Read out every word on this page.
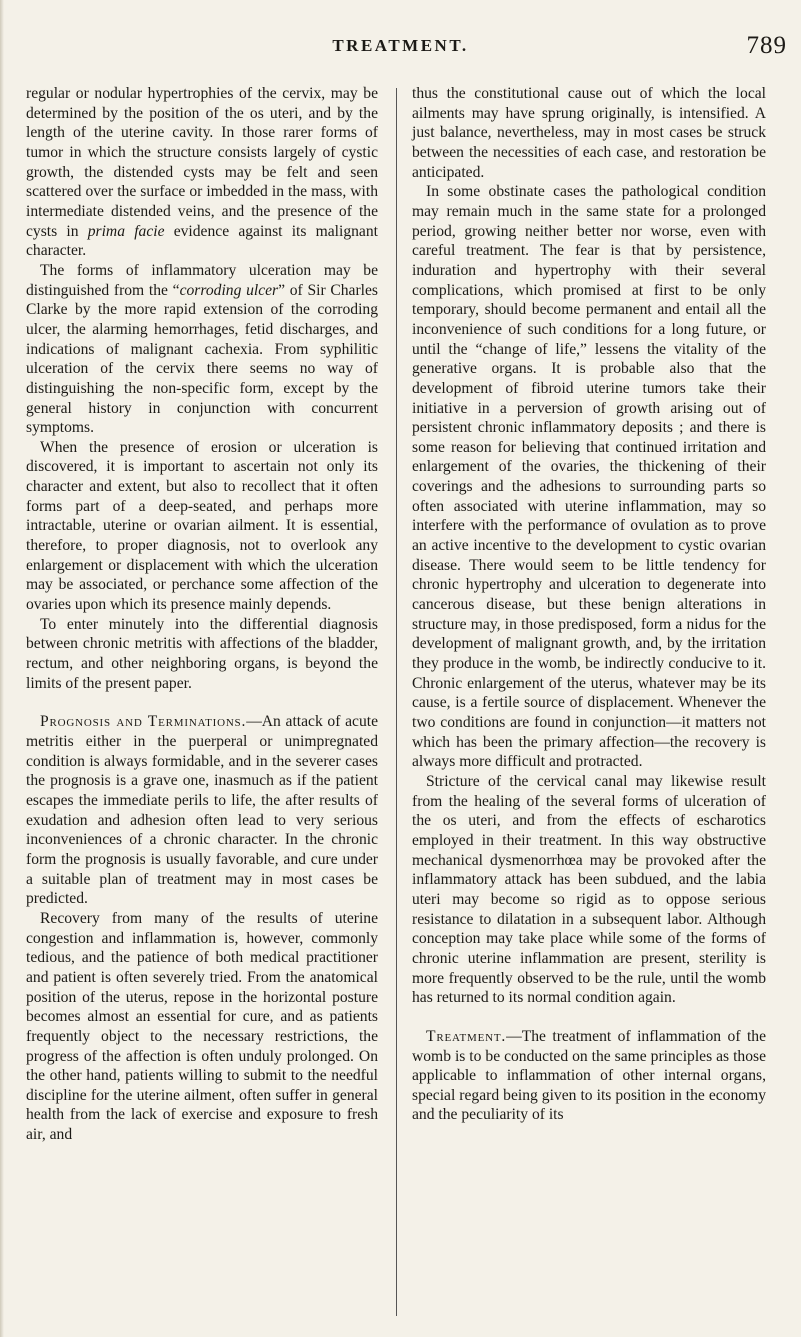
TREATMENT.	789

regular or nodular hypertrophies of the cervix, may be determined by the position of the os uteri, and by the length of the uterine cavity. In those rarer forms of tumor in which the structure consists largely of cystic growth, the distended cysts may be felt and seen scattered over the surface or imbedded in the mass, with intermediate distended veins, and the presence of the cysts in prima facie evidence against its malignant character.

The forms of inflammatory ulceration may be distinguished from the “corroding ulcer” of Sir Charles Clarke by the more rapid extension of the corroding ulcer, the alarming hemorrhages, fetid discharges, and indications of malignant cachexia. From syphilitic ulceration of the cervix there seems no way of distinguishing the non-specific form, except by the general history in conjunction with concurrent symptoms.

When the presence of erosion or ulceration is discovered, it is important to ascertain not only its character and extent, but also to recollect that it often forms part of a deep-seated, and perhaps more intractable, uterine or ovarian ailment. It is essential, therefore, to proper diagnosis, not to overlook any enlargement or displacement with which the ulceration may be associated, or perchance some affection of the ovaries upon which its presence mainly depends.

To enter minutely into the differential diagnosis between chronic metritis with affections of the bladder, rectum, and other neighboring organs, is beyond the limits of the present paper.

Prognosis and Terminations.—An attack of acute metritis either in the puerperal or unimpregnated condition is always formidable, and in the severer cases the prognosis is a grave one, inasmuch as if the patient escapes the immediate perils to life, the after results of exudation and adhesion often lead to very serious inconveniences of a chronic character. In the chronic form the prognosis is usually favorable, and cure under a suitable plan of treatment may in most cases be predicted.

Recovery from many of the results of uterine congestion and inflammation is, however, commonly tedious, and the patience of both medical practitioner and patient is often severely tried. From the anatomical position of the uterus, repose in the horizontal posture becomes almost an essential for cure, and as patients frequently object to the necessary restrictions, the progress of the affection is often unduly prolonged. On the other hand, patients willing to submit to the needful discipline for the uterine ailment, often suffer in general health from the lack of exercise and exposure to fresh air, and

thus the constitutional cause out of which the local ailments may have sprung originally, is intensified. A just balance, nevertheless, may in most cases be struck between the necessities of each case, and restoration be anticipated.

In some obstinate cases the pathological condition may remain much in the same state for a prolonged period, growing neither better nor worse, even with careful treatment. The fear is that by persistence, induration and hypertrophy with their several complications, which promised at first to be only temporary, should become permanent and entail all the inconvenience of such conditions for a long future, or until the “change of life,” lessens the vitality of the generative organs. It is probable also that the development of fibroid uterine tumors take their initiative in a perversion of growth arising out of persistent chronic inflammatory deposits ; and there is some reason for believing that continued irritation and enlargement of the ovaries, the thickening of their coverings and the adhesions to surrounding parts so often associated with uterine inflammation, may so interfere with the performance of ovulation as to prove an active incentive to the development to cystic ovarian disease. There would seem to be little tendency for chronic hypertrophy and ulceration to degenerate into cancerous disease, but these benign alterations in structure may, in those predisposed, form a nidus for the development of malignant growth, and, by the irritation they produce in the womb, be indirectly conducive to it. Chronic enlargement of the uterus, whatever may be its cause, is a fertile source of displacement. Whenever the two conditions are found in conjunction—it matters not which has been the primary affection—the recovery is always more difficult and protracted.

Stricture of the cervical canal may likewise result from the healing of the several forms of ulceration of the os uteri, and from the effects of escharotics employed in their treatment. In this way obstructive mechanical dysmenorrhœa may be provoked after the inflammatory attack has been subdued, and the labia uteri may become so rigid as to oppose serious resistance to dilatation in a subsequent labor. Although conception may take place while some of the forms of chronic uterine inflammation are present, sterility is more frequently observed to be the rule, until the womb has returned to its normal condition again.

Treatment.—The treatment of inflammation of the womb is to be conducted on the same principles as those applicable to inflammation of other internal organs, special regard being given to its position in the economy and the peculiarity of its
